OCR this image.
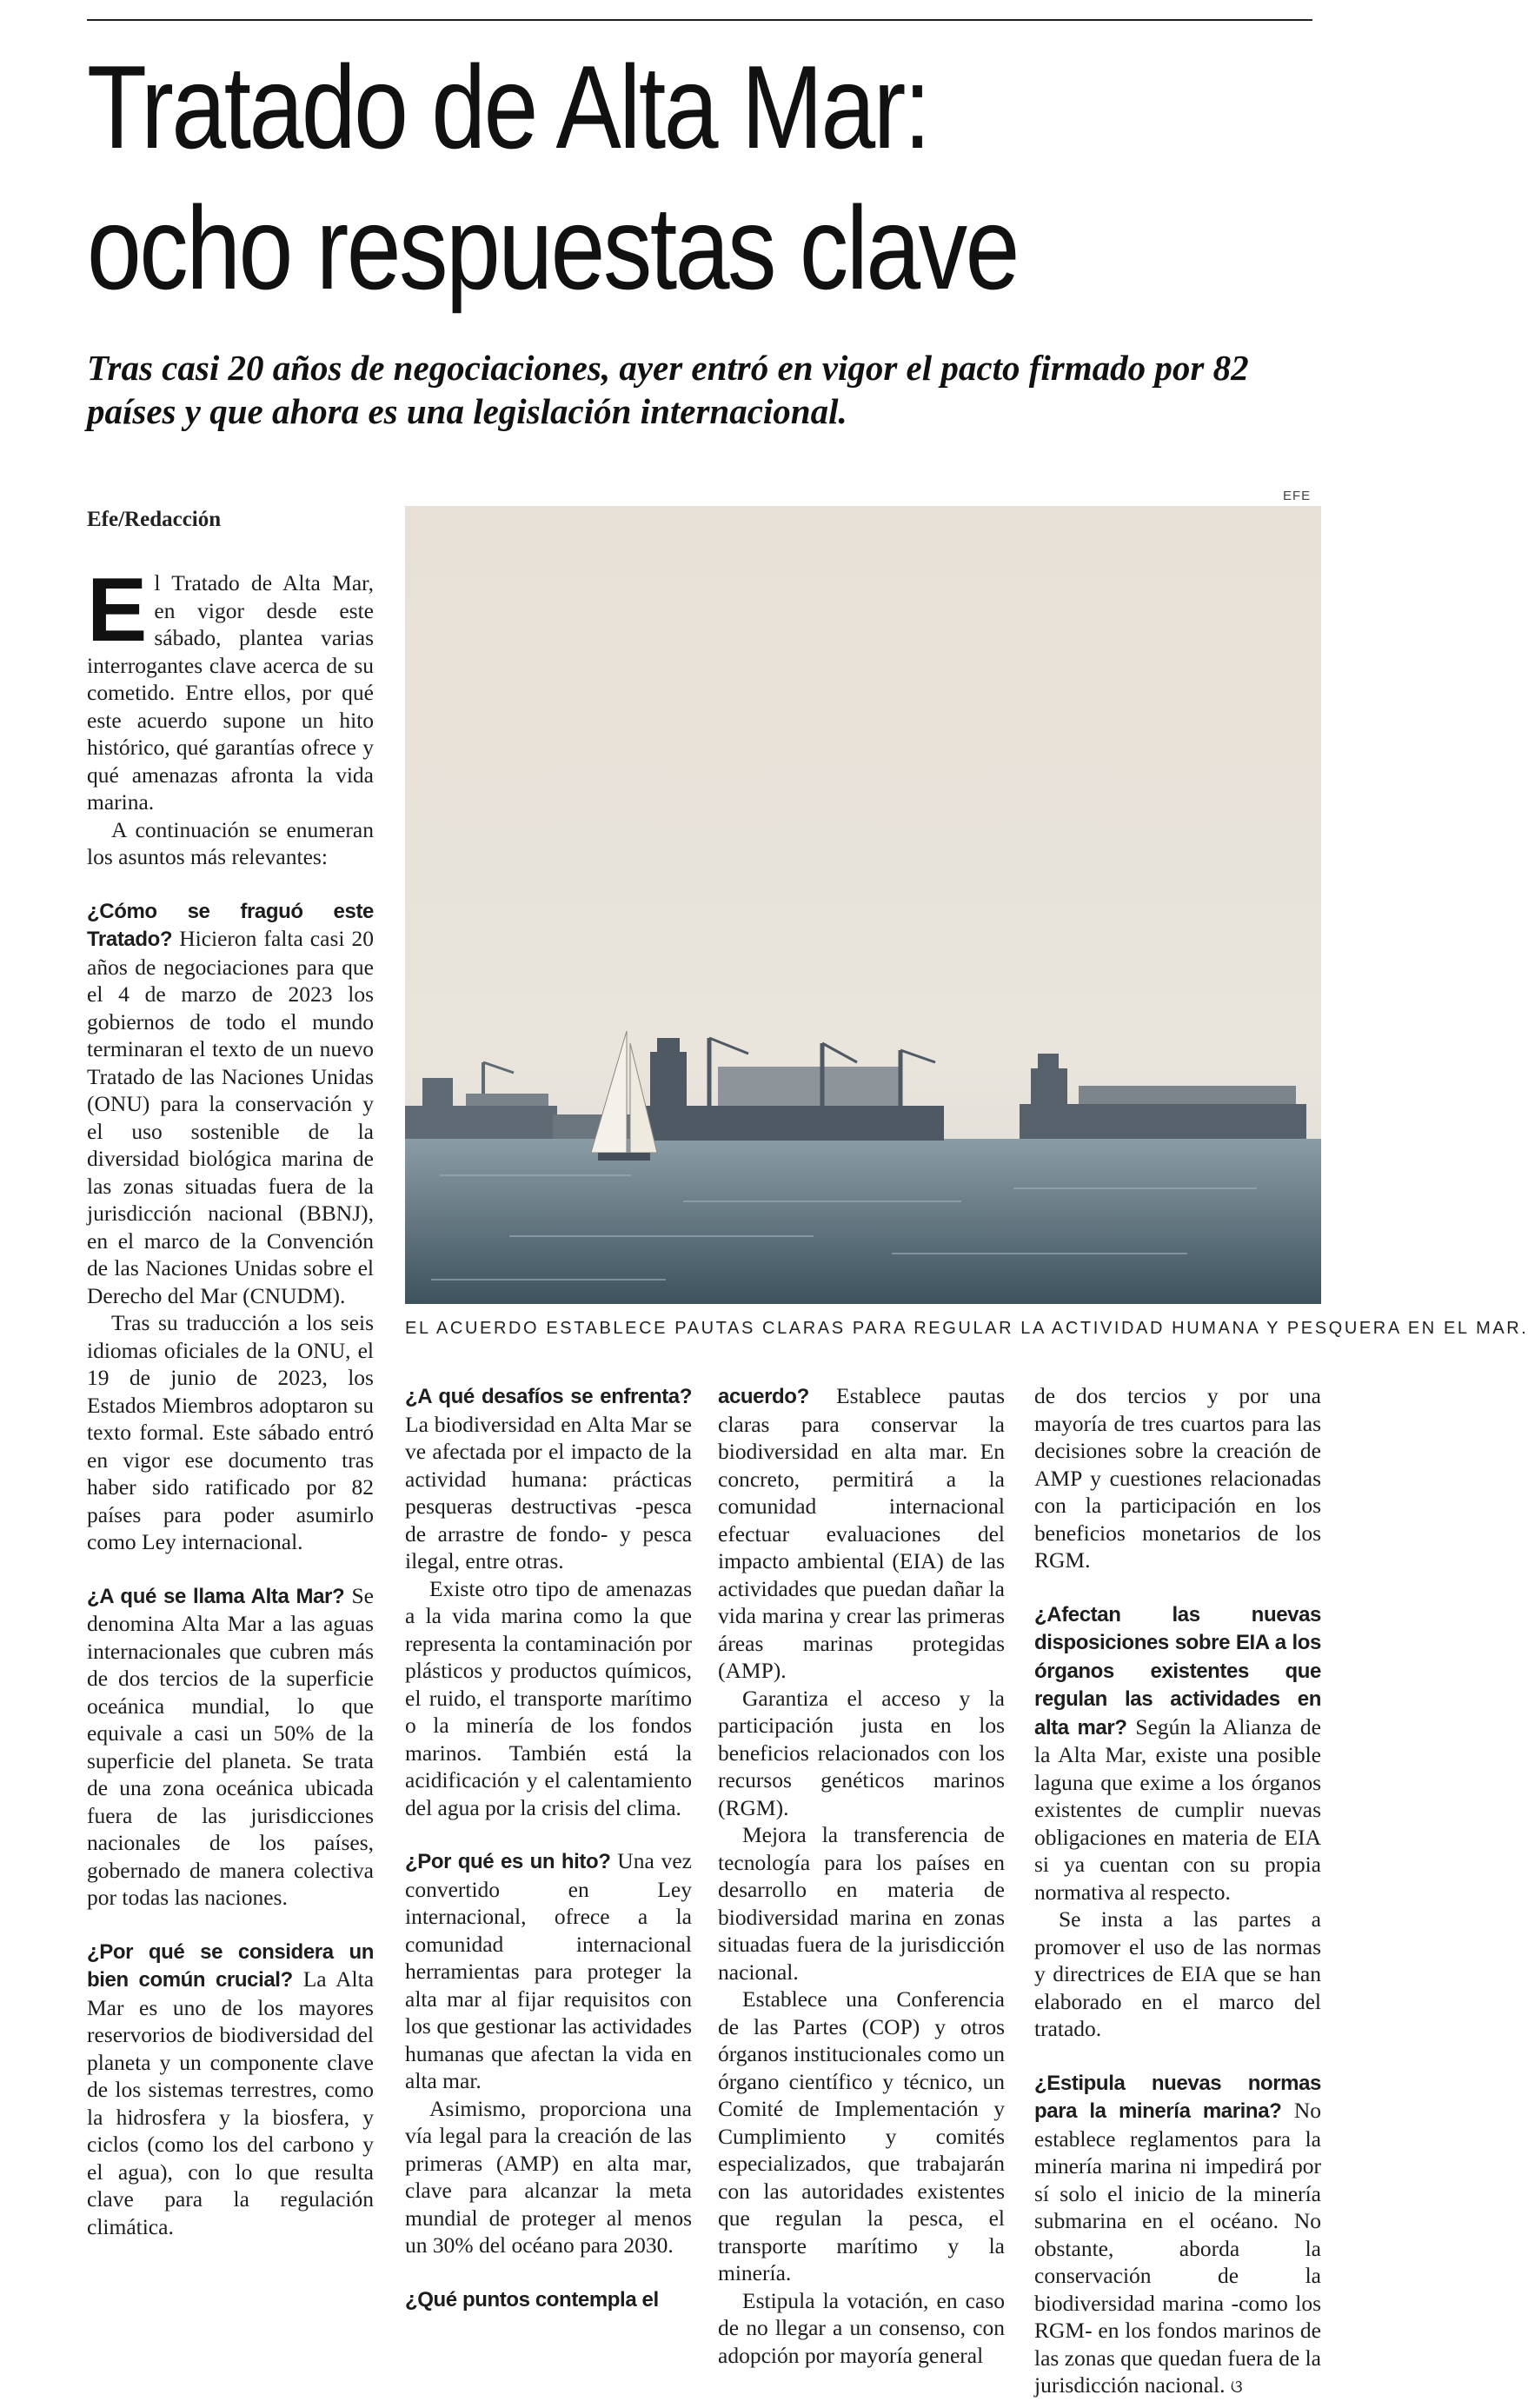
Tratado de Alta Mar:
ocho respuestas clave
Tras casi 20 años de negociaciones, ayer entró en vigor el pacto firmado por 82 países y que ahora es una legislación internacional.
Efe/Redacción
EFE
EL ACUERDO ESTABLECE PAUTAS CLARAS PARA REGULAR LA ACTIVIDAD HUMANA Y PESQUERA EN EL MAR.

El Tratado de Alta Mar, en vigor desde este sábado, plantea varias interrogantes clave acerca de su cometido. Entre ellos, por qué este acuerdo supone un hito histórico, qué garantías ofrece y qué amenazas afronta la vida marina.

A continuación se enumeran los asuntos más relevantes:

¿Cómo se fraguó este Tratado? Hicieron falta casi 20 años de negociaciones para que el 4 de marzo de 2023 los gobiernos de todo el mundo terminaran el texto de un nuevo Tratado de las Naciones Unidas (ONU) para la conservación y el uso sostenible de la diversidad biológica marina de las zonas situadas fuera de la jurisdicción nacional (BBNJ), en el marco de la Convención de las Naciones Unidas sobre el Derecho del Mar (CNUDM).

Tras su traducción a los seis idiomas oficiales de la ONU, el 19 de junio de 2023, los Estados Miembros adoptaron su texto formal. Este sábado entró en vigor ese documento tras haber sido ratificado por 82 países para poder asumirlo como Ley internacional.

¿A qué se llama Alta Mar? Se denomina Alta Mar a las aguas internacionales que cubren más de dos tercios de la superficie oceánica mundial, lo que equivale a casi un 50% de la superficie del planeta. Se trata de una zona oceánica ubicada fuera de las jurisdicciones nacionales de los países, gobernado de manera colectiva por todas las naciones.

¿Por qué se considera un bien común crucial? La Alta Mar es uno de los mayores reservorios de biodiversidad del planeta y un componente clave de los sistemas terrestres, como la hidrosfera y la biosfera, y ciclos (como los del carbono y el agua), con lo que resulta clave para la regulación climática.

¿A qué desafíos se enfrenta? La biodiversidad en Alta Mar se ve afectada por el impacto de la actividad humana: prácticas pesqueras destructivas -pesca de arrastre de fondo- y pesca ilegal, entre otras.

Existe otro tipo de amenazas a la vida marina como la que representa la contaminación por plásticos y productos químicos, el ruido, el transporte marítimo o la minería de los fondos marinos. También está la acidificación y el calentamiento del agua por la crisis del clima.

¿Por qué es un hito? Una vez convertido en Ley internacional, ofrece a la comunidad internacional herramientas para proteger la alta mar al fijar requisitos con los que gestionar las actividades humanas que afectan la vida en alta mar.

Asimismo, proporciona una vía legal para la creación de las primeras (AMP) en alta mar, clave para alcanzar la meta mundial de proteger al menos un 30% del océano para 2030.

¿Qué puntos contempla el

acuerdo? Establece pautas claras para conservar la biodiversidad en alta mar. En concreto, permitirá a la comunidad internacional efectuar evaluaciones del impacto ambiental (EIA) de las actividades que puedan dañar la vida marina y crear las primeras áreas marinas protegidas (AMP).

Garantiza el acceso y la participación justa en los beneficios relacionados con los recursos genéticos marinos (RGM).

Mejora la transferencia de tecnología para los países en desarrollo en materia de biodiversidad marina en zonas situadas fuera de la jurisdicción nacional.

Establece una Conferencia de las Partes (COP) y otros órganos institucionales como un órgano científico y técnico, un Comité de Implementación y Cumplimiento y comités especializados, que trabajarán con las autoridades existentes que regulan la pesca, el transporte marítimo y la minería.

Estipula la votación, en caso de no llegar a un consenso, con adopción por mayoría general

de dos tercios y por una mayoría de tres cuartos para las decisiones sobre la creación de AMP y cuestiones relacionadas con la participación en los beneficios monetarios de los RGM.

¿Afectan las nuevas disposiciones sobre EIA a los órganos existentes que regulan las actividades en alta mar? Según la Alianza de la Alta Mar, existe una posible laguna que exime a los órganos existentes de cumplir nuevas obligaciones en materia de EIA si ya cuentan con su propia normativa al respecto.

Se insta a las partes a promover el uso de las normas y directrices de EIA que se han elaborado en el marco del tratado.

¿Estipula nuevas normas para la minería marina? No establece reglamentos para la minería marina ni impedirá por sí solo el inicio de la minería submarina en el océano. No obstante, aborda la conservación de la biodiversidad marina -como los RGM- en los fondos marinos de las zonas que quedan fuera de la jurisdicción nacional. ଓ
